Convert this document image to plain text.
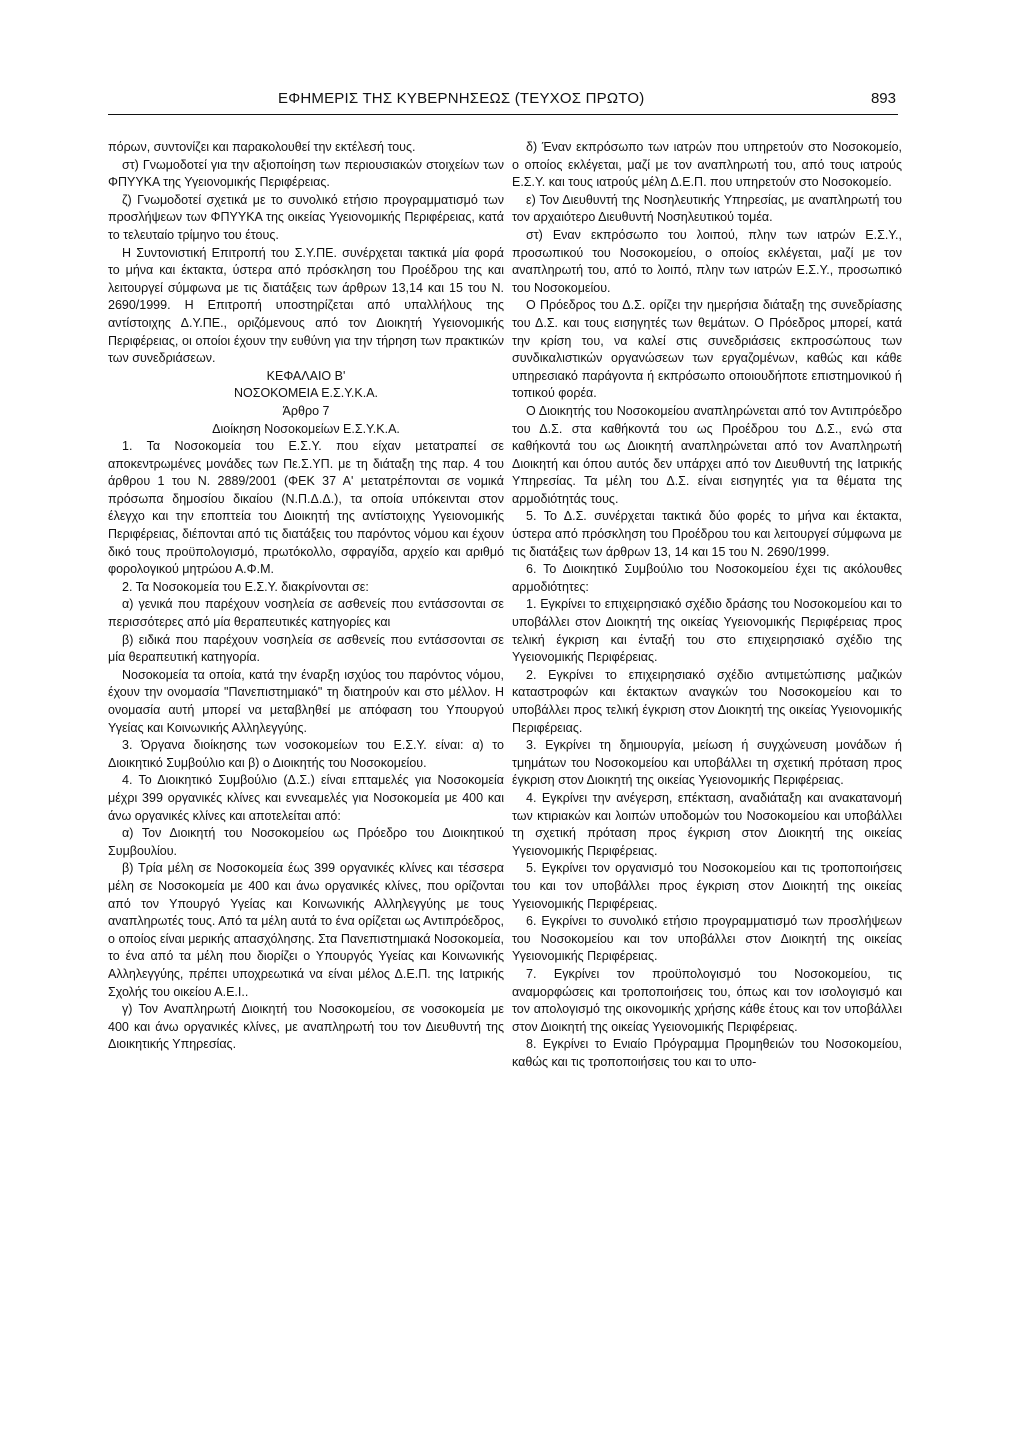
ΕΦΗΜΕΡΙΣ ΤΗΣ ΚΥΒΕΡΝΗΣΕΩΣ (ΤΕΥΧΟΣ ΠΡΩΤΟ)	893

πόρων, συντονίζει και παρακολουθεί την εκτέλεσή τους.

στ) Γνωμοδοτεί για την αξιοποίηση των περιουσιακών στοιχείων των ΦΠΥΥΚΑ της Υγειονομικής Περιφέρειας.

ζ) Γνωμοδοτεί σχετικά με το συνολικό ετήσιο προγραμματισμό των προσλήψεων των ΦΠΥΥΚΑ της οικείας Υγειονομικής Περιφέρειας, κατά το τελευταίο τρίμηνο του έτους.

Η Συντονιστική Επιτροπή του Σ.Υ.ΠΕ. συνέρχεται τακτικά μία φορά το μήνα και έκτακτα, ύστερα από πρόσκληση του Προέδρου της και λειτουργεί σύμφωνα με τις διατάξεις των άρθρων 13,14 και 15 του Ν. 2690/1999. Η Επιτροπή υποστηρίζεται από υπαλλήλους της αντίστοιχης Δ.Υ.ΠΕ., οριζόμενους από τον Διοικητή Υγειονομικής Περιφέρειας, οι οποίοι έχουν την ευθύνη για την τήρηση των πρακτικών των συνεδριάσεων.

ΚΕΦΑΛΑΙΟ Β'

ΝΟΣΟΚΟΜΕΙΑ Ε.Σ.Υ.Κ.Α.

Άρθρο 7

Διοίκηση Νοσοκομείων Ε.Σ.Υ.Κ.Α.

1. Τα Νοσοκομεία του Ε.Σ.Υ. που είχαν μετατραπεί σε αποκεντρωμένες μονάδες των Πε.Σ.ΥΠ. με τη διάταξη της παρ. 4 του άρθρου 1 του Ν. 2889/2001 (ΦΕΚ 37 Α' μετατρέπονται σε νομικά πρόσωπα δημοσίου δικαίου (Ν.Π.Δ.Δ.), τα οποία υπόκεινται στον έλεγχο και την εποπτεία του Διοικητή της αντίστοιχης Υγειονομικής Περιφέρειας, διέπονται από τις διατάξεις του παρόντος νόμου και έχουν δικό τους προϋπολογισμό, πρωτόκολλο, σφραγίδα, αρχείο και αριθμό φορολογικού μητρώου Α.Φ.Μ.

2. Τα Νοσοκομεία του Ε.Σ.Υ. διακρίνονται σε:

α) γενικά που παρέχουν νοσηλεία σε ασθενείς που εντάσσονται σε περισσότερες από μία θεραπευτικές κατηγορίες και

β) ειδικά που παρέχουν νοσηλεία σε ασθενείς που εντάσσονται σε μία θεραπευτική κατηγορία.

Νοσοκομεία τα οποία, κατά την έναρξη ισχύος του παρόντος νόμου, έχουν την ονομασία "Πανεπιστημιακό" τη διατηρούν και στο μέλλον. Η ονομασία αυτή μπορεί να μεταβληθεί με απόφαση του Υπουργού Υγείας και Κοινωνικής Αλληλεγγύης.

3. Όργανα διοίκησης των νοσοκομείων του Ε.Σ.Υ. είναι: α) το Διοικητικό Συμβούλιο και β) ο Διοικητής του Νοσοκομείου.

4. Το Διοικητικό Συμβούλιο (Δ.Σ.) είναι επταμελές για Νοσοκομεία μέχρι 399 οργανικές κλίνες και εννεαμελές για Νοσοκομεία με 400 και άνω οργανικές κλίνες και αποτελείται από:

α) Τον Διοικητή του Νοσοκομείου ως Πρόεδρο του Διοικητικού Συμβουλίου.

β) Τρία μέλη σε Νοσοκομεία έως 399 οργανικές κλίνες και τέσσερα μέλη σε Νοσοκομεία με 400 και άνω οργανικές κλίνες, που ορίζονται από τον Υπουργό Υγείας και Κοινωνικής Αλληλεγγύης με τους αναπληρωτές τους. Από τα μέλη αυτά το ένα ορίζεται ως Αντιπρόεδρος, ο οποίος είναι μερικής απασχόλησης. Στα Πανεπιστημιακά Νοσοκομεία, το ένα από τα μέλη που διορίζει ο Υπουργός Υγείας και Κοινωνικής Αλληλεγγύης, πρέπει υποχρεωτικά να είναι μέλος Δ.Ε.Π. της Ιατρικής Σχολής του οικείου Α.Ε.Ι..

γ) Τον Αναπληρωτή Διοικητή του Νοσοκομείου, σε νοσοκομεία με 400 και άνω οργανικές κλίνες, με αναπληρωτή του τον Διευθυντή της Διοικητικής Υπηρεσίας.

δ) Έναν εκπρόσωπο των ιατρών που υπηρετούν στο Νοσοκομείο, ο οποίος εκλέγεται, μαζί με τον αναπληρωτή του, από τους ιατρούς Ε.Σ.Υ. και τους ιατρούς μέλη Δ.Ε.Π. που υπηρετούν στο Νοσοκομείο.

ε) Τον Διευθυντή της Νοσηλευτικής Υπηρεσίας, με αναπληρωτή του τον αρχαιότερο Διευθυντή Νοσηλευτικού τομέα.

στ) Εναν εκπρόσωπο του λοιπού, πλην των ιατρών Ε.Σ.Υ., προσωπικού του Νοσοκομείου, ο οποίος εκλέγεται, μαζί με τον αναπληρωτή του, από το λοιπό, πλην των ιατρών Ε.Σ.Υ., προσωπικό του Νοσοκομείου.

Ο Πρόεδρος του Δ.Σ. ορίζει την ημερήσια διάταξη της συνεδρίασης του Δ.Σ. και τους εισηγητές των θεμάτων. Ο Πρόεδρος μπορεί, κατά την κρίση του, να καλεί στις συνεδριάσεις εκπροσώπους των συνδικαλιστικών οργανώσεων των εργαζομένων, καθώς και κάθε υπηρεσιακό παράγοντα ή εκπρόσωπο οποιουδήποτε επιστημονικού ή τοπικού φορέα.

Ο Διοικητής του Νοσοκομείου αναπληρώνεται από τον Αντιπρόεδρο του Δ.Σ. στα καθήκοντά του ως Προέδρου του Δ.Σ., ενώ στα καθήκοντά του ως Διοικητή αναπληρώνεται από τον Αναπληρωτή Διοικητή και όπου αυτός δεν υπάρχει από τον Διευθυντή της Ιατρικής Υπηρεσίας. Τα μέλη του Δ.Σ. είναι εισηγητές για τα θέματα της αρμοδιότητάς τους.

5. Το Δ.Σ. συνέρχεται τακτικά δύο φορές το μήνα και έκτακτα, ύστερα από πρόσκληση του Προέδρου του και λειτουργεί σύμφωνα με τις διατάξεις των άρθρων 13, 14 και 15 του Ν. 2690/1999.

6. Το Διοικητικό Συμβούλιο του Νοσοκομείου έχει τις ακόλουθες αρμοδιότητες:

1. Εγκρίνει το επιχειρησιακό σχέδιο δράσης του Νοσοκομείου και το υποβάλλει στον Διοικητή της οικείας Υγειονομικής Περιφέρειας προς τελική έγκριση και ένταξή του στο επιχειρησιακό σχέδιο της Υγειονομικής Περιφέρειας.

2. Εγκρίνει το επιχειρησιακό σχέδιο αντιμετώπισης μαζικών καταστροφών και έκτακτων αναγκών του Νοσοκομείου και το υποβάλλει προς τελική έγκριση στον Διοικητή της οικείας Υγειονομικής Περιφέρειας.

3. Εγκρίνει τη δημιουργία, μείωση ή συγχώνευση μονάδων ή τμημάτων του Νοσοκομείου και υποβάλλει τη σχετική πρόταση προς έγκριση στον Διοικητή της οικείας Υγειονομικής Περιφέρειας.

4. Εγκρίνει την ανέγερση, επέκταση, αναδιάταξη και ανακατανομή των κτιριακών και λοιπών υποδομών του Νοσοκομείου και υποβάλλει τη σχετική πρόταση προς έγκριση στον Διοικητή της οικείας Υγειονομικής Περιφέρειας.

5. Εγκρίνει τον οργανισμό του Νοσοκομείου και τις τροποποιήσεις του και τον υποβάλλει προς έγκριση στον Διοικητή της οικείας Υγειονομικής Περιφέρειας.

6. Εγκρίνει το συνολικό ετήσιο προγραμματισμό των προσλήψεων του Νοσοκομείου και τον υποβάλλει στον Διοικητή της οικείας Υγειονομικής Περιφέρειας.

7. Εγκρίνει τον προϋπολογισμό του Νοσοκομείου, τις αναμορφώσεις και τροποποιήσεις του, όπως και τον ισολογισμό και τον απολογισμό της οικονομικής χρήσης κάθε έτους και τον υποβάλλει στον Διοικητή της οικείας Υγειονομικής Περιφέρειας.

8. Εγκρίνει το Ενιαίο Πρόγραμμα Προμηθειών του Νοσοκομείου, καθώς και τις τροποποιήσεις του και το υπο-
